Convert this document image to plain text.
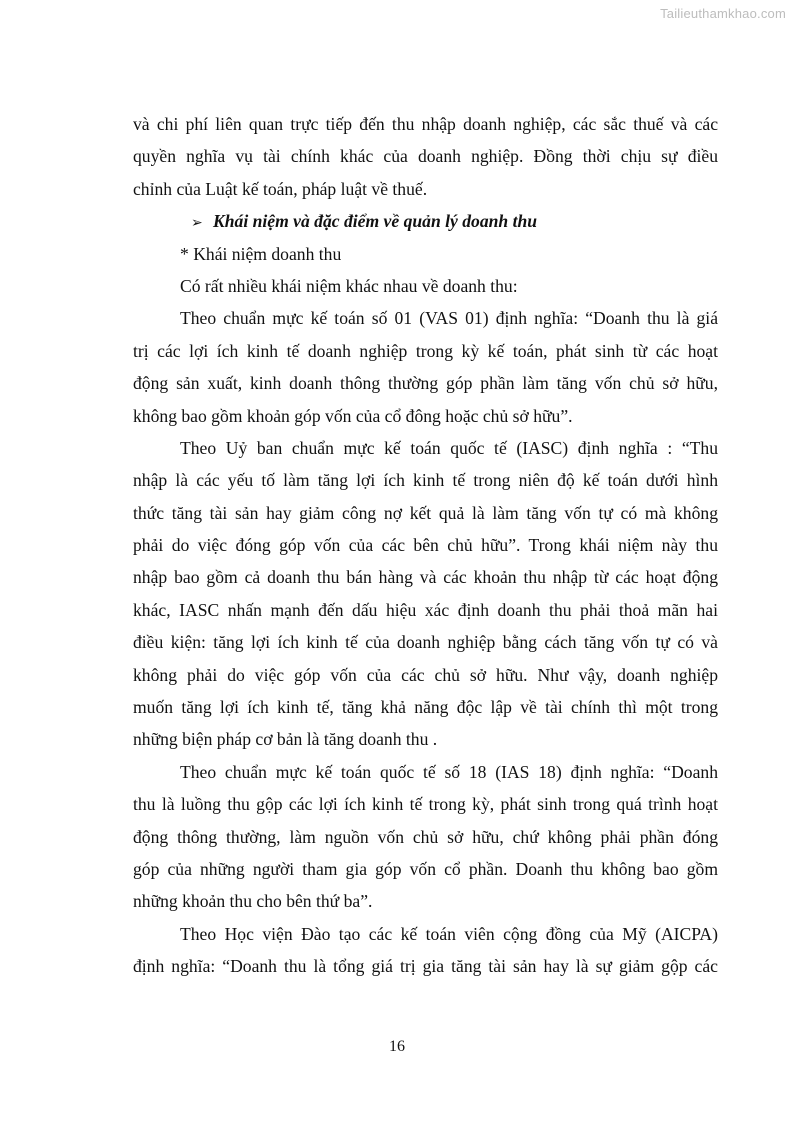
Tailieuthamkhao.com
và chi phí liên quan trực tiếp đến thu nhập doanh nghiệp, các sắc thuế và các
quyền nghĩa vụ tài chính khác của doanh nghiệp. Đồng thời chịu sự điều
chỉnh của Luật kế toán, pháp luật về thuế.
➢ Khái niệm và đặc điểm về quản lý doanh thu
* Khái niệm doanh thu
Có rất nhiều khái niệm khác nhau về doanh thu:
Theo chuẩn mực kế toán số 01 (VAS 01) định nghĩa: “Doanh thu là giá
trị các lợi ích kinh tế doanh nghiệp trong kỳ kế toán, phát sinh từ các hoạt
động sản xuất, kinh doanh thông thường góp phần làm tăng vốn chủ sở hữu,
không bao gồm khoản góp vốn của cổ đông hoặc chủ sở hữu”.
Theo Uỷ ban chuẩn mực kế toán quốc tế (IASC) định nghĩa : “Thu
nhập là các yếu tố làm tăng lợi ích kinh tế trong niên độ kế toán dưới hình
thức tăng tài sản hay giảm công nợ kết quả là làm tăng vốn tự có mà không
phải do việc đóng góp vốn của các bên chủ hữu”. Trong khái niệm này thu
nhập bao gồm cả doanh thu bán hàng và các khoản thu nhập từ các hoạt động
khác, IASC nhấn mạnh đến dấu hiệu xác định doanh thu phải thoả mãn hai
điều kiện: tăng lợi ích kinh tế của doanh nghiệp bằng cách tăng vốn tự có và
không phải do việc góp vốn của các chủ sở hữu. Như vậy, doanh nghiệp
muốn tăng lợi ích kinh tế, tăng khả năng độc lập về tài chính thì một trong
những biện pháp cơ bản là tăng doanh thu .
Theo chuẩn mực kế toán quốc tế số 18 (IAS 18) định nghĩa: “Doanh
thu là luồng thu gộp các lợi ích kinh tế trong kỳ, phát sinh trong quá trình hoạt
động thông thường, làm nguồn vốn chủ sở hữu, chứ không phải phần đóng
góp của những người tham gia góp vốn cổ phần. Doanh thu không bao gồm
những khoản thu cho bên thứ ba”.
Theo Học viện Đào tạo các kế toán viên cộng đồng của Mỹ (AICPA)
định nghĩa: “Doanh thu là tổng giá trị gia tăng tài sản hay là sự giảm gộp các
16
